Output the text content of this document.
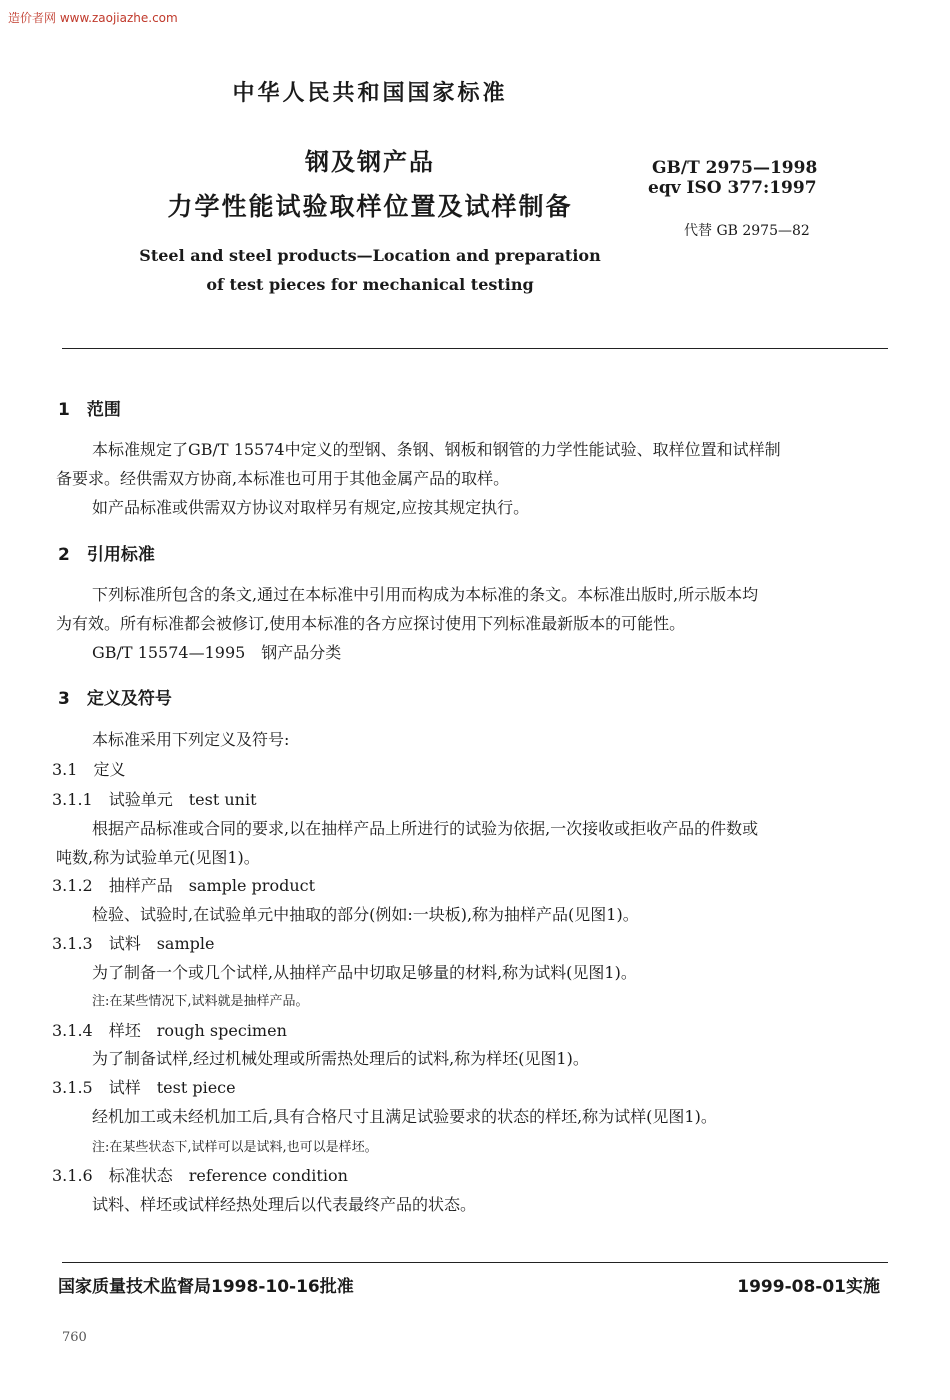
造价者网 www.zaojiazhe.com
中华人民共和国国家标准
钢及钢产品
力学性能试验取样位置及试样制备
GB/T 2975—1998
eqv ISO 377:1997
代替 GB 2975—82
Steel and steel products—Location and preparation
of test pieces for mechanical testing
1　范围
本标准规定了GB/T 15574中定义的型钢、条钢、钢板和钢管的力学性能试验、取样位置和试样制
备要求。经供需双方协商,本标准也可用于其他金属产品的取样。
如产品标准或供需双方协议对取样另有规定,应按其规定执行。
2　引用标准
下列标准所包含的条文,通过在本标准中引用而构成为本标准的条文。本标准出版时,所示版本均
为有效。所有标准都会被修订,使用本标准的各方应探讨使用下列标准最新版本的可能性。
GB/T 15574—1995　钢产品分类
3　定义及符号
本标准采用下列定义及符号:
3.1　定义
3.1.1　试验单元　test unit
根据产品标准或合同的要求,以在抽样产品上所进行的试验为依据,一次接收或拒收产品的件数或
吨数,称为试验单元(见图1)。
3.1.2　抽样产品　sample product
检验、试验时,在试验单元中抽取的部分(例如:一块板),称为抽样产品(见图1)。
3.1.3　试料　sample
为了制备一个或几个试样,从抽样产品中切取足够量的材料,称为试料(见图1)。
注:在某些情况下,试料就是抽样产品。
3.1.4　样坯　rough specimen
为了制备试样,经过机械处理或所需热处理后的试料,称为样坯(见图1)。
3.1.5　试样　test piece
经机加工或未经机加工后,具有合格尺寸且满足试验要求的状态的样坯,称为试样(见图1)。
注:在某些状态下,试样可以是试料,也可以是样坯。
3.1.6　标准状态　reference condition
试料、样坯或试样经热处理后以代表最终产品的状态。
国家质量技术监督局1998-10-16批准	1999-08-01实施
760
